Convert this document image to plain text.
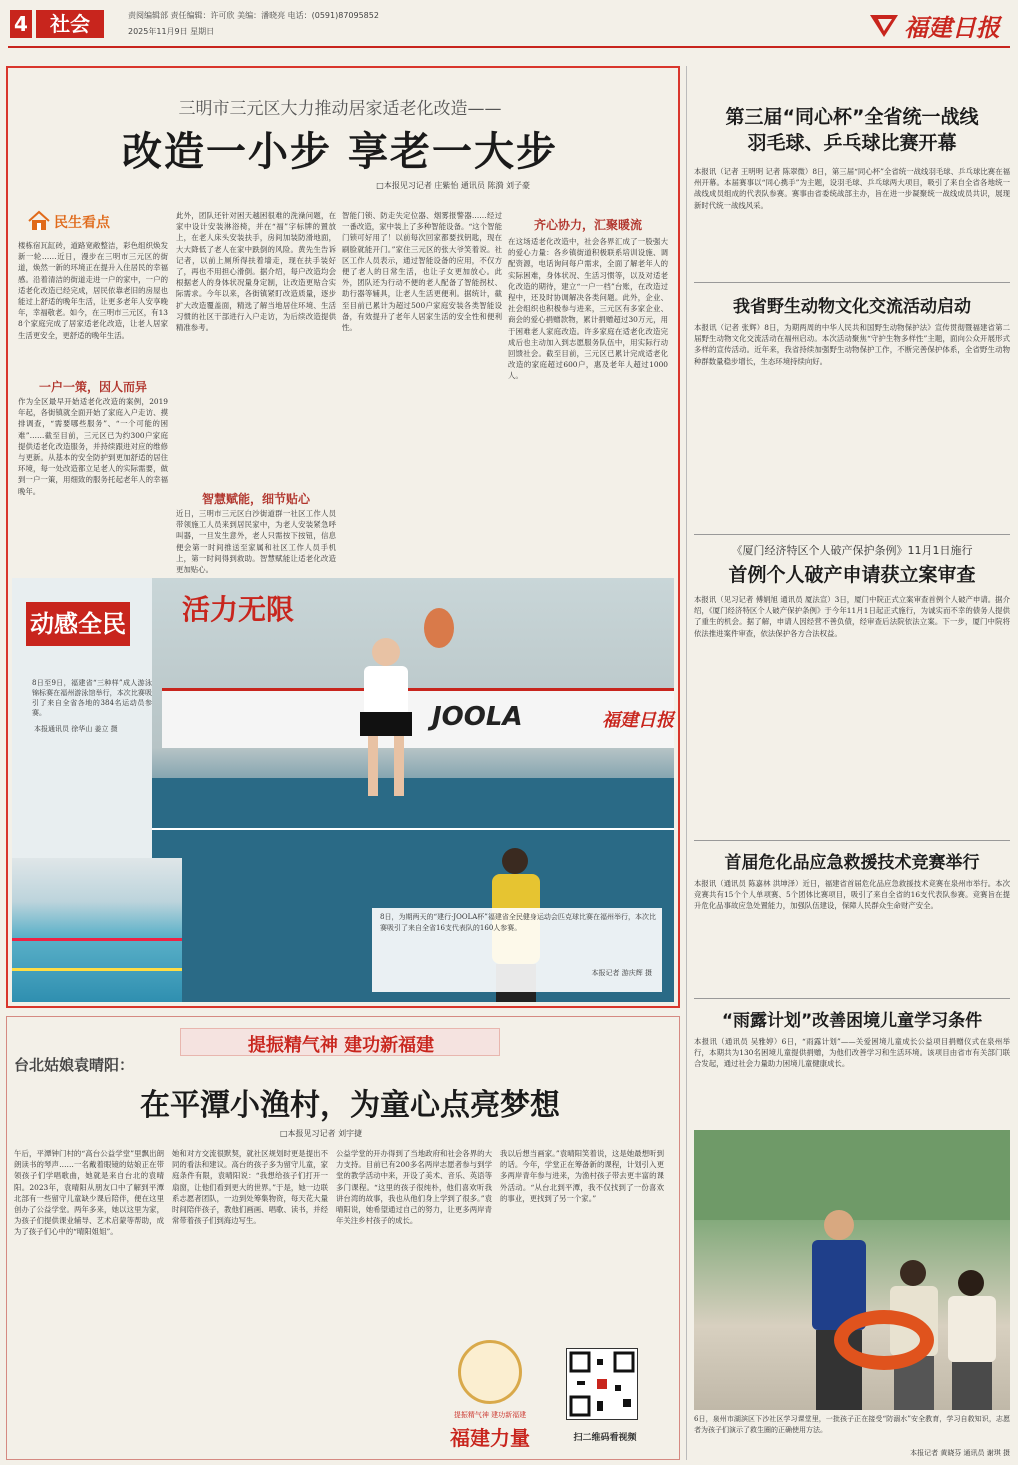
4	社会	责阅编辑部 责任编辑：许可欣 美编：潘晓亮 电话：(0591)87095852
2025年11月9日 星期日	福建日报
三明市三元区大力推动居家适老化改造——
改造一小步 享老一大步
□本报见习记者 庄紫怡 通讯员 陈漪 刘子豪
民生看点
楼栋宿瓦缸砖，道路宽敞整洁，彩色组织焕发新一轮……近日，漫步在三明市三元区的街道，焕然一新的环境正在提升入住居民的幸福感。沿着清洁的街道走进一户的家中，一户的适老化改造已经完成，居民依靠老旧的房屋也能过上舒适的晚年生活，让更多老年人安享晚年，幸福敬老。如今，在三明市三元区，有138个家庭完成了居家适老化改造，让老人居家生活更安全，更舒适的晚年生活。
一户一策，因人而异
作为全区最早开始适老化改造的案例，2019年起，各街镇就全面开始了家庭入户走访、摸排调查，“需要哪些服务”、“一个可能的困难”……截至目前，三元区已为约300户家庭提供适老化改造服务，并持续跟进对应的维修与更新。从基本的安全防护到更加舒适的居住环境，每一处改造都立足老人的实际需要，做到一户一策，用细致的服务托起老年人的幸福晚年。
此外，团队还针对困天越困很难的洗澡问题，在家中设计安装淋浴椅，并在“福”字标牌的置放上，在老人床头安装扶手，房间加装防滑地面，大大降低了老人在家中跌倒的风险。黄先生告诉记者，以前上厕所得扶着墙走，现在扶手装好了，再也不用担心滑倒。据介绍，每户改造均会根据老人的身体状况量身定制，让改造更贴合实际需求。今年以来，各街镇紧盯改造质量，逐步扩大改造覆盖面，精选了解当地居住环境、生活习惯的社区干部进行入户走访，为后续改造提供精准参考。
智慧赋能，细节贴心
近日，三明市三元区白沙街道群一社区工作人员带领施工人员来到居民家中，为老人安装紧急呼叫器，一旦发生意外，老人只需按下按钮，信息便会第一时间推送至家属和社区工作人员手机上，第一时间得到救助。智慧赋能让适老化改造更加贴心。
智能门锁、防走失定位器、烟雾报警器……经过一番改造，家中装上了多种智能设备。“这个智能门锁可好用了！以前每次回家都要找钥匙，现在刷脸就能开门。”家住三元区的张大爷笑着说。社区工作人员表示，通过智能设备的应用，不仅方便了老人的日常生活，也让子女更加放心。此外，团队还为行动不便的老人配备了智能拐杖、助行器等辅具，让老人生活更便利。据统计，截至目前已累计为超过500户家庭安装各类智能设备，有效提升了老年人居家生活的安全性和便利性。
齐心协力，汇聚暖流
在这场适老化改造中，社会各界汇成了一股强大的爱心力量：各乡镇街道积极联系培训设施、调配资源，电话询问每户需求，全面了解老年人的实际困难，身体状况、生活习惯等，以及对适老化改造的期待，建立“一户一档”台账，在改造过程中，还及时协调解决各类问题。此外，企业、社会组织也积极参与进来，三元区有多家企业、商会的爱心捐赠款物，累计捐赠超过30万元，用于困难老人家庭改造。许多家庭在适老化改造完成后也主动加入到志愿服务队伍中，用实际行动回馈社会。截至目前，三元区已累计完成适老化改造的家庭超过600户，惠及老年人超过1000人。
JOOLA	福建日报
动感全民 活力无限
8日至9日，福建省“三种样”成人游泳锦标赛在福州游泳馆举行，本次比赛吸引了来自全省各地的384名运动员参赛。
本报通讯员 徐华山 姜立 摄
8日，为期两天的“建行·JOOLA杯”福建省全民健身运动会匹克球比赛在福州举行，本次比赛吸引了来自全省16支代表队的160人参赛。
本报记者 游庆辉 摄
提振精气神 建功新福建
台北姑娘袁晴阳：
在平潭小渔村，为童心点亮梦想
□本报见习记者 刘宇捷
午后，平潭钟门村的“高台公益学堂”里飘出朗朗读书的琴声……一名戴着眼镜的姑娘正在带领孩子们学唱歌曲，她就是来自台北的袁晴阳。2023年，袁晴阳从朋友口中了解到平潭北部有一些留守儿童缺少课后陪伴，便在这里创办了公益学堂。两年多来，她以这里为家，为孩子们提供课业辅导、艺术启蒙等帮助，成为了孩子们心中的“晴阳姐姐”。
她和对方交流很默契，就社区规划时更是提出不同的看法和建议。高台的孩子多为留守儿童，家庭条件有限，袁晴阳说：“我想给孩子们打开一扇窗，让他们看到更大的世界。”于是，她一边联系志愿者团队，一边到处筹集物资，每天花大量时间陪伴孩子，教他们画画、唱歌、读书，并经常带着孩子们到海边写生。
公益学堂的开办得到了当地政府和社会各界的大力支持。目前已有200多名两岸志愿者参与到学堂的教学活动中来，开设了美术、音乐、英语等多门课程。“这里的孩子很纯朴，他们喜欢听我讲台湾的故事，我也从他们身上学到了很多。”袁晴阳说，她希望通过自己的努力，让更多两岸青年关注乡村孩子的成长。
我以后想当画家。”袁晴阳笑着说，这是她最想听到的话。今年，学堂正在筹备新的课程，计划引入更多两岸青年参与进来，为渔村孩子带去更丰富的课外活动。“从台北到平潭，我不仅找到了一份喜欢的事业，更找到了另一个家。”
提振精气神 建功新福建
福建力量	扫二维码看视频
第三届“同心杯”全省统一战线
羽毛球、乒乓球比赛开幕
本报讯（记者 王明明 记者 陈翠微）8日，第三届“同心杯”全省统一战线羽毛球、乒乓球比赛在福州开幕。本届赛事以“同心携手”为主题，设羽毛球、乒乓球两大项目，吸引了来自全省各地统一战线成员组成的代表队参赛。赛事由省委统战部主办，旨在进一步凝聚统一战线成员共识，展现新时代统一战线风采。
我省野生动物文化交流活动启动
本报讯（记者 张辉）8日，为期两周的中华人民共和国野生动物保护法》宣传贯彻暨福建省第二届野生动物文化交流活动在福州启动。本次活动聚焦“守护生物多样性”主题，面向公众开展形式多样的宣传活动。近年来，我省持续加强野生动物保护工作，不断完善保护体系，全省野生动物种群数量稳步增长，生态环境持续向好。
《厦门经济特区个人破产保护条例》11月1日施行
首例个人破产申请获立案审查
本报讯（见习记者 傅娟旭 通讯员 厦法宣）3日，厦门中院正式立案审查首例个人破产申请。据介绍，《厦门经济特区个人破产保护条例》于今年11月1日起正式施行，为诚实而不幸的债务人提供了重生的机会。据了解，申请人因经营不善负债，经审查后法院依法立案。下一步，厦门中院将依法推进案件审查，依法保护各方合法权益。
首届危化品应急救援技术竞赛举行
本报讯（通讯员 陈嘉林 洪坤泽）近日，福建省首届危化品应急救援技术竞赛在泉州市举行。本次竞赛共有15个个人单项赛、5个团体比赛项目，吸引了来自全省的16支代表队参赛。竞赛旨在提升危化品事故应急处置能力，加强队伍建设，保障人民群众生命财产安全。
“雨露计划”改善困境儿童学习条件
本报讯（通讯员 吴雅婷）6日，“雨露计划”——关爱困境儿童成长公益项目捐赠仪式在泉州举行，本期共为130名困境儿童提供捐赠，为他们改善学习和生活环境。该项目由省市有关部门联合发起，通过社会力量助力困境儿童健康成长。
6日，泉州市湖滨区下沙社区学习课堂里，一批孩子正在接受“防溺水”安全教育，学习自救知识，志愿者为孩子们演示了救生圈的正确使用方法。
本报记者 黄晓芬 通讯员 谢琪 摄
